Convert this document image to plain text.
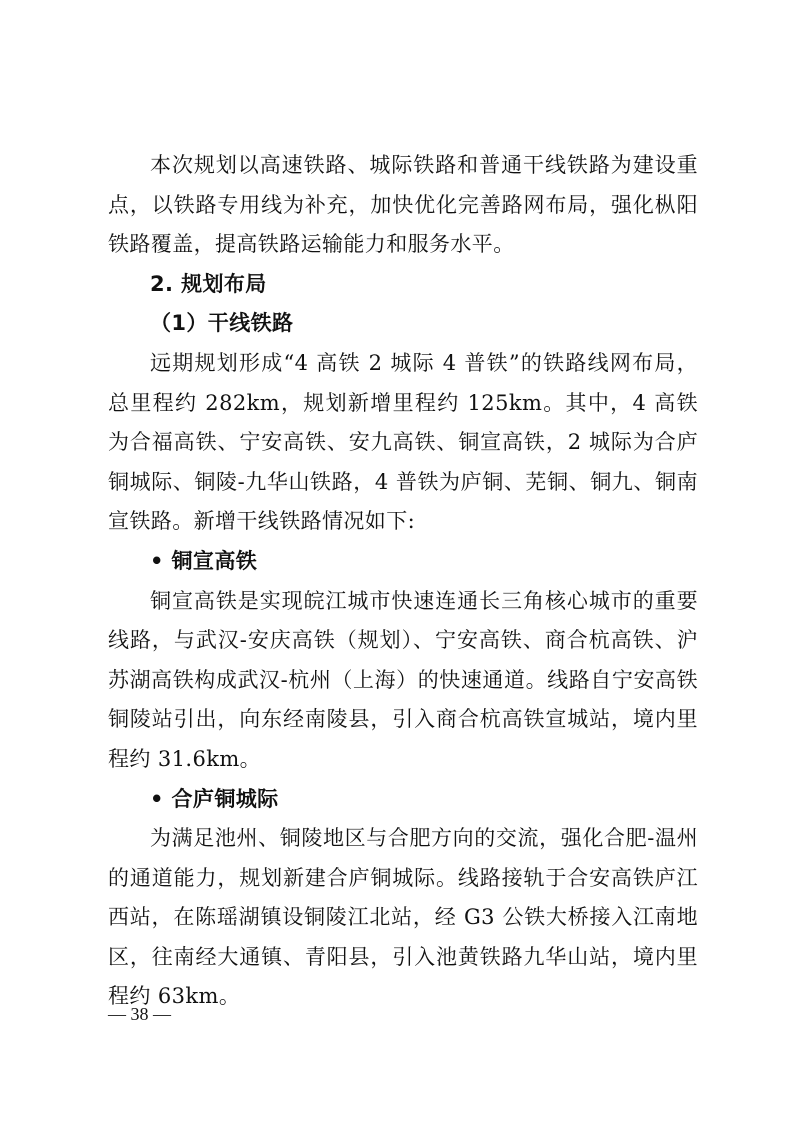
本次规划以高速铁路、城际铁路和普通干线铁路为建设重点，以铁路专用线为补充，加快优化完善路网布局，强化枞阳铁路覆盖，提高铁路运输能力和服务水平。

2. 规划布局

（1）干线铁路

远期规划形成“4 高铁 2 城际 4 普铁”的铁路线网布局，总里程约 282km，规划新增里程约 125km。其中，4 高铁为合福高铁、宁安高铁、安九高铁、铜宣高铁，2 城际为合庐铜城际、铜陵-九华山铁路，4 普铁为庐铜、芜铜、铜九、铜南宣铁路。新增干线铁路情况如下:

• 铜宣高铁

铜宣高铁是实现皖江城市快速连通长三角核心城市的重要线路，与武汉-安庆高铁（规划）、宁安高铁、商合杭高铁、沪苏湖高铁构成武汉-杭州（上海）的快速通道。线路自宁安高铁铜陵站引出，向东经南陵县，引入商合杭高铁宣城站，境内里程约 31.6km。

• 合庐铜城际

为满足池州、铜陵地区与合肥方向的交流，强化合肥-温州的通道能力，规划新建合庐铜城际。线路接轨于合安高铁庐江西站，在陈瑶湖镇设铜陵江北站，经 G3 公铁大桥接入江南地区，往南经大通镇、青阳县，引入池黄铁路九华山站，境内里程约 63km。

— 38 —
